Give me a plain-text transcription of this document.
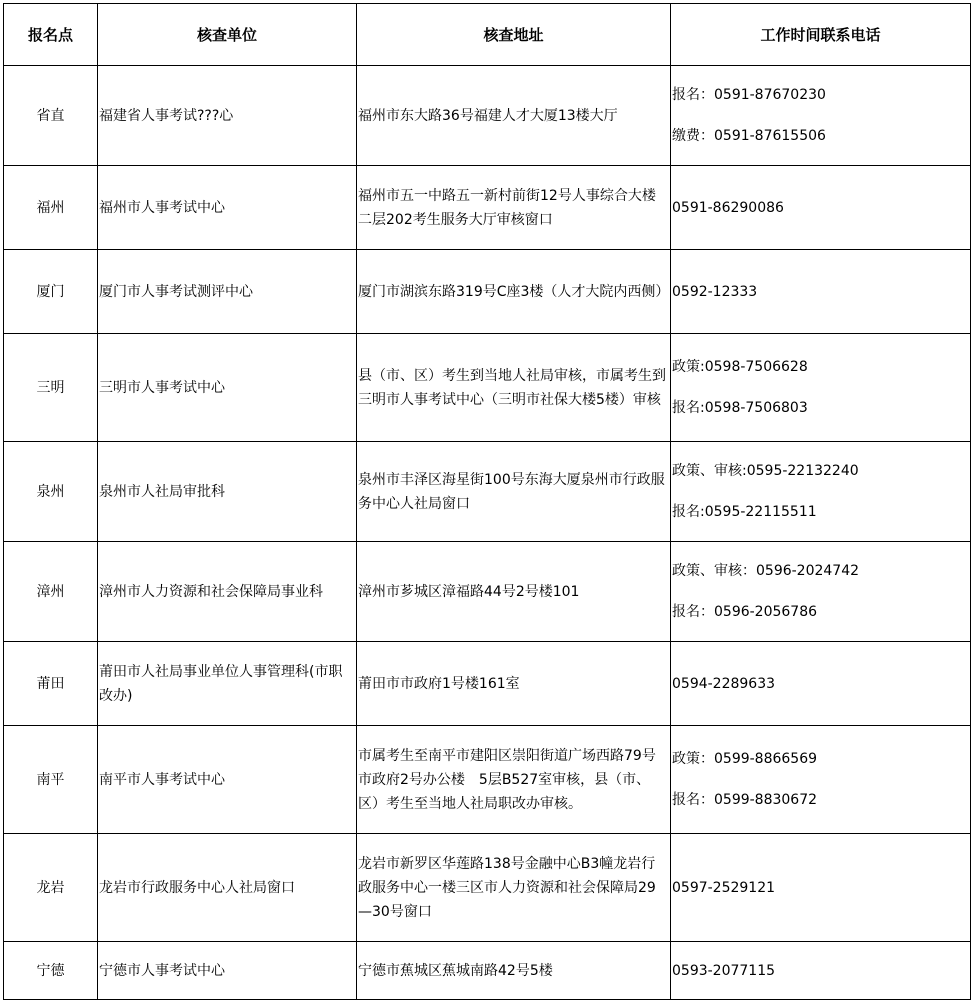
报名点	核查单位	核查地址	工作时间联系电话
省直	福建省人事考试???心	福州市东大路36号福建人才大厦13楼大厅	报名：0591-87670230
缴费：0591-87615506

福州	福州市人事考试中心	福州市五一中路五一新村前街12号人事综合大楼二层202考生服务大厅审核窗口	0591-86290086
厦门	厦门市人事考试测评中心	厦门市湖滨东路319号C座3楼（人才大院内西侧）	0592-12333
三明	三明市人事考试中心	县（市、区）考生到当地人社局审核，市属考生到三明市人事考试中心（三明市社保大楼5楼）审核	政策:0598-7506628
报名:0598-7506803

泉州	泉州市人社局审批科	泉州市丰泽区海星街100号东海大厦泉州市行政服务中心人社局窗口	政策、审核:0595-22132240
报名:0595-22115511

漳州	漳州市人力资源和社会保障局事业科	漳州市芗城区漳福路44号2号楼101	政策、审核：0596-2024742
报名：0596-2056786

莆田	莆田市人社局事业单位人事管理科(市职改办)	莆田市市政府1号楼161室	0594-2289633
南平	南平市人事考试中心	市属考生至南平市建阳区崇阳街道广场西路79号市政府2号办公楼　5层B527室审核，县（市、区）考生至当地人社局职改办审核。	政策：0599-8866569
报名：0599-8830672

龙岩	龙岩市行政服务中心人社局窗口	龙岩市新罗区华莲路138号金融中心B3幢龙岩行政服务中心一楼三区市人力资源和社会保障局29—30号窗口	0597-2529121
宁德	宁德市人事考试中心	宁德市蕉城区蕉城南路42号5楼	0593-2077115
